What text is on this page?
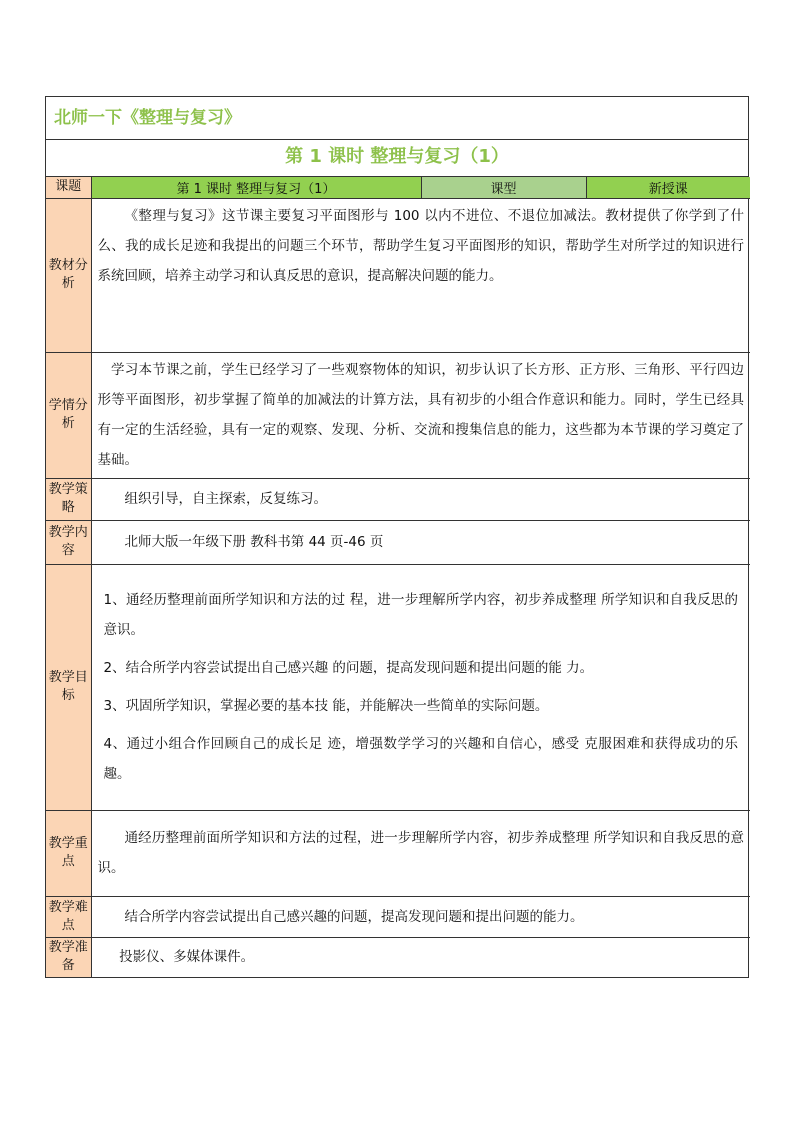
北师一下《整理与复习》
第 1 课时 整理与复习（1）
课题	第 1 课时 整理与复习（1）	课型	新授课
教材分析	《整理与复习》这节课主要复习平面图形与 100 以内不进位、不退位加减法。教材提供了你学到了什么、我的成长足迹和我提出的问题三个环节，帮助学生复习平面图形的知识，帮助学生对所学过的知识进行系统回顾，培养主动学习和认真反思的意识，提高解决问题的能力。		

学情分析	学习本节课之前，学生已经学习了一些观察物体的知识，初步认识了长方形、正方形、三角形、平行四边形等平面图形，初步掌握了简单的加减法的计算方法，具有初步的小组合作意识和能力。同时，学生已经具有一定的生活经验，具有一定的观察、发现、分析、交流和搜集信息的能力，这些都为本节课的学习奠定了基础。		

教学策略	组织引导，自主探索，反复练习。		

教学内容	北师大版一年级下册 教科书第 44 页-46 页		

教学目标	1、通经历整理前面所学知识和方法的过 程，进一步理解所学内容，初步养成整理 所学知识和自我反思的意识。

2、结合所学内容尝试提出自己感兴趣 的问题，提高发现问题和提出问题的能 力。

3、巩固所学知识，掌握必要的基本技 能，并能解决一些简单的实际问题。

4、通过小组合作回顾自己的成长足 迹，增强数学学习的兴趣和自信心，感受 克服困难和获得成功的乐趣。		

教学重点	通经历整理前面所学知识和方法的过程，进一步理解所学内容，初步养成整理 所学知识和自我反思的意识。		

教学难点	结合所学内容尝试提出自己感兴趣的问题，提高发现问题和提出问题的能力。		

教学准备	投影仪、多媒体课件。		
